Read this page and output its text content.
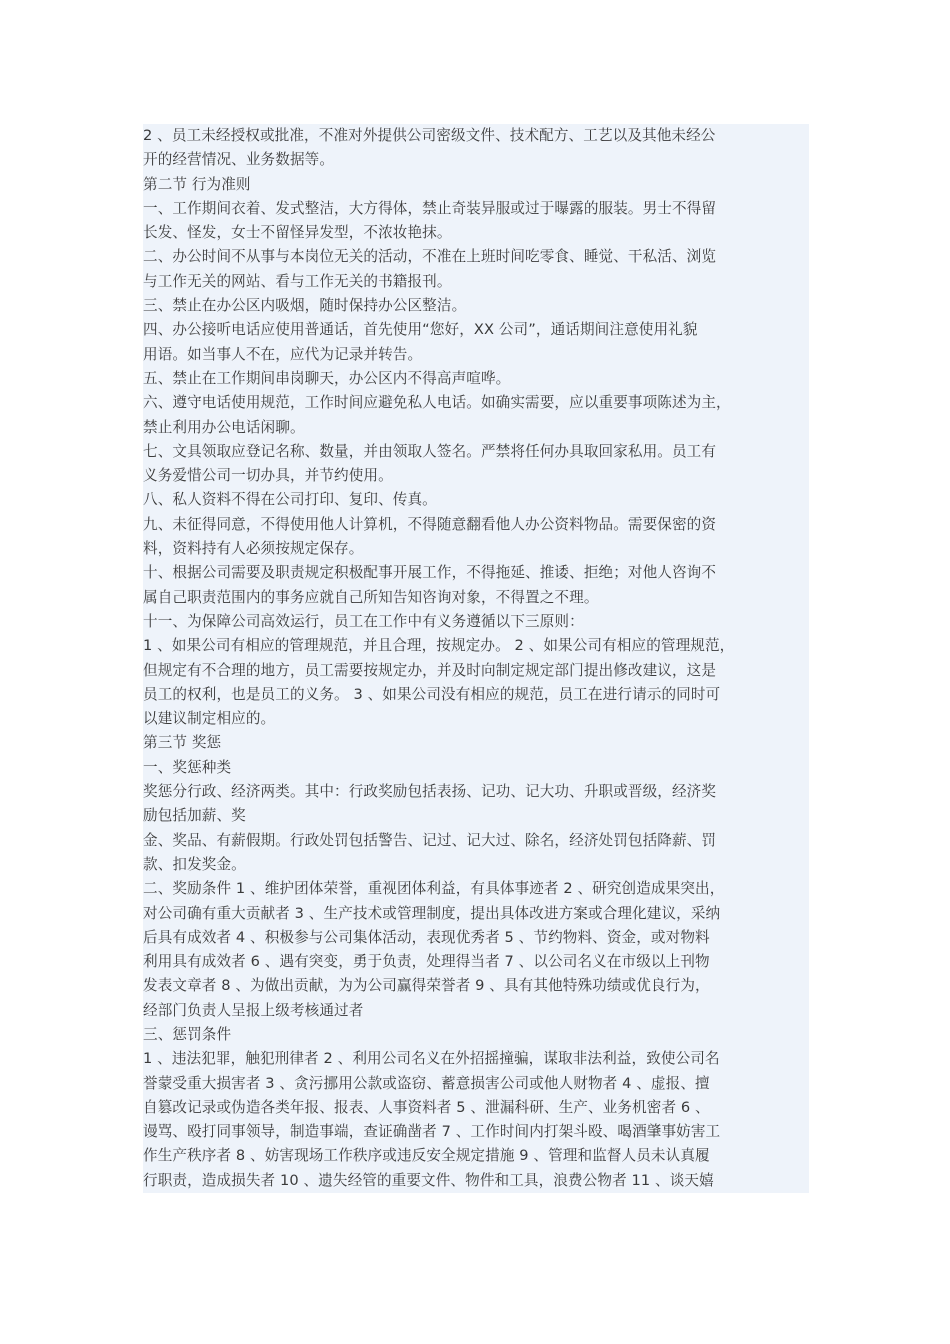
2 、员工未经授权或批准，不准对外提供公司密级文件、技术配方、工艺以及其他未经公
开的经营情况、业务数据等。
第二节 行为准则
一、工作期间衣着、发式整洁，大方得体，禁止奇装异服或过于曝露的服装。男士不得留
长发、怪发，女士不留怪异发型，不浓妆艳抹。
二、办公时间不从事与本岗位无关的活动，不准在上班时间吃零食、睡觉、干私活、浏览
与工作无关的网站、看与工作无关的书籍报刊。
三、禁止在办公区内吸烟，随时保持办公区整洁。
四、办公接听电话应使用普通话，首先使用“您好，XX 公司”，通话期间注意使用礼貌
用语。如当事人不在，应代为记录并转告。
五、禁止在工作期间串岗聊天，办公区内不得高声喧哗。
六、遵守电话使用规范，工作时间应避免私人电话。如确实需要，应以重要事项陈述为主，
禁止利用办公电话闲聊。
七、文具领取应登记名称、数量，并由领取人签名。严禁将任何办具取回家私用。员工有
义务爱惜公司一切办具，并节约使用。
八、私人资料不得在公司打印、复印、传真。
九、未征得同意，不得使用他人计算机，不得随意翻看他人办公资料物品。需要保密的资
料，资料持有人必须按规定保存。
十、根据公司需要及职责规定积极配事开展工作，不得拖延、推诿、拒绝；对他人咨询不
属自己职责范围内的事务应就自己所知告知咨询对象，不得置之不理。
十一、为保障公司高效运行，员工在工作中有义务遵循以下三原则：
1 、如果公司有相应的管理规范，并且合理，按规定办。 2 、如果公司有相应的管理规范，
但规定有不合理的地方，员工需要按规定办，并及时向制定规定部门提出修改建议，这是
员工的权利，也是员工的义务。 3 、如果公司没有相应的规范，员工在进行请示的同时可
以建议制定相应的。
第三节 奖惩
一、奖惩种类
奖惩分行政、经济两类。其中：行政奖励包括表扬、记功、记大功、升职或晋级，经济奖
励包括加薪、奖
金、奖品、有薪假期。行政处罚包括警告、记过、记大过、除名，经济处罚包括降薪、罚
款、扣发奖金。
二、奖励条件 1 、维护团体荣誉，重视团体利益，有具体事迹者 2 、研究创造成果突出，
对公司确有重大贡献者 3 、生产技术或管理制度，提出具体改进方案或合理化建议，采纳
后具有成效者 4 、积极参与公司集体活动，表现优秀者 5 、节约物料、资金，或对物料
利用具有成效者 6 、遇有突变，勇于负责，处理得当者 7 、以公司名义在市级以上刊物
发表文章者 8 、为做出贡献，为为公司赢得荣誉者 9 、具有其他特殊功绩或优良行为，
经部门负责人呈报上级考核通过者
三、惩罚条件
1 、违法犯罪，触犯刑律者 2 、利用公司名义在外招摇撞骗，谋取非法利益，致使公司名
誉蒙受重大损害者 3 、贪污挪用公款或盗窃、蓄意损害公司或他人财物者 4 、虚报、擅
自篡改记录或伪造各类年报、报表、人事资料者 5 、泄漏科研、生产、业务机密者 6 、
谩骂、殴打同事领导，制造事端，查证确凿者 7 、工作时间内打架斗殴、喝酒肇事妨害工
作生产秩序者 8 、妨害现场工作秩序或违反安全规定措施 9 、管理和监督人员未认真履
行职责，造成损失者 10 、遗失经管的重要文件、物件和工具，浪费公物者 11 、谈天嬉
